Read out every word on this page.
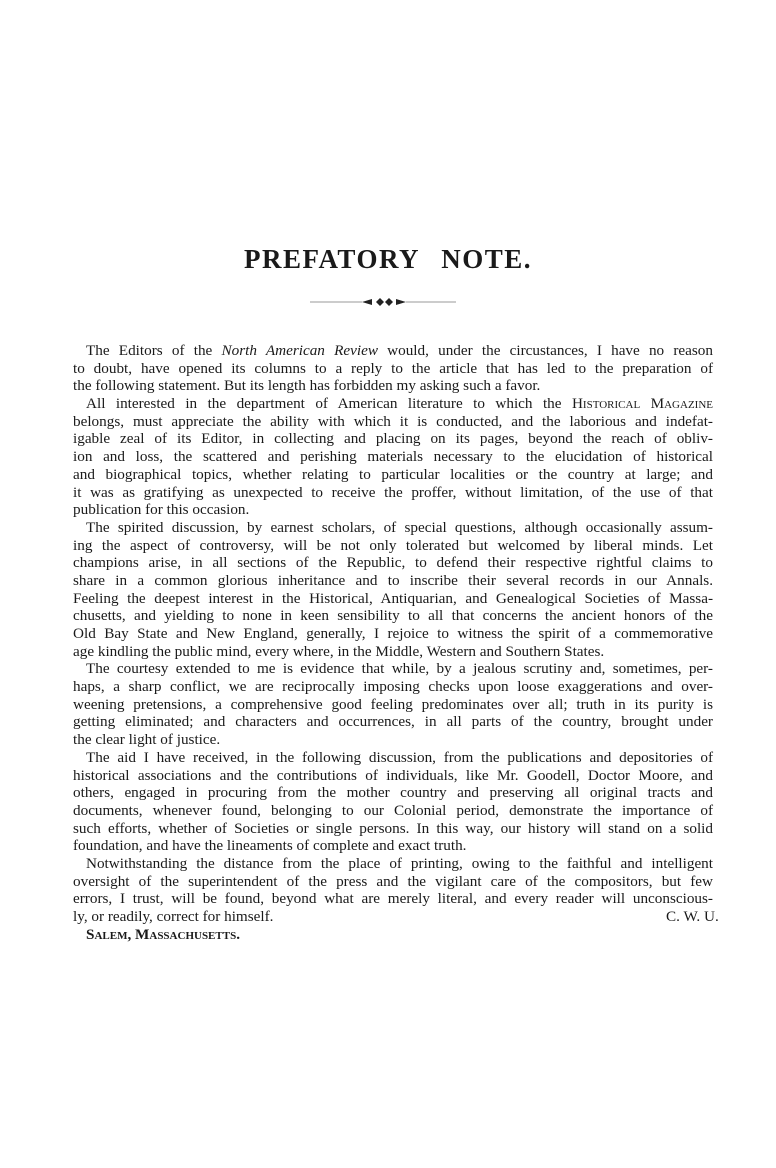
PREFATORY NOTE.
The Editors of the North American Review would, under the circustances, I have no reason
to doubt, have opened its columns to a reply to the article that has led to the preparation of
the following statement. But its length has forbidden my asking such a favor.
All interested in the department of American literature to which the Historical Magazine
belongs, must appreciate the ability with which it is conducted, and the laborious and indefat-
igable zeal of its Editor, in collecting and placing on its pages, beyond the reach of obliv-
ion and loss, the scattered and perishing materials necessary to the elucidation of historical
and biographical topics, whether relating to particular localities or the country at large; and
it was as gratifying as unexpected to receive the proffer, without limitation, of the use of that
publication for this occasion.
The spirited discussion, by earnest scholars, of special questions, although occasionally assum-
ing the aspect of controversy, will be not only tolerated but welcomed by liberal minds. Let
champions arise, in all sections of the Republic, to defend their respective rightful claims to
share in a common glorious inheritance and to inscribe their several records in our Annals.
Feeling the deepest interest in the Historical, Antiquarian, and Genealogical Societies of Massa-
chusetts, and yielding to none in keen sensibility to all that concerns the ancient honors of the
Old Bay State and New England, generally, I rejoice to witness the spirit of a commemorative
age kindling the public mind, every where, in the Middle, Western and Southern States.
The courtesy extended to me is evidence that while, by a jealous scrutiny and, sometimes, per-
haps, a sharp conflict, we are reciprocally imposing checks upon loose exaggerations and over-
weening pretensions, a comprehensive good feeling predominates over all; truth in its purity is
getting eliminated; and characters and occurrences, in all parts of the country, brought under
the clear light of justice.
The aid I have received, in the following discussion, from the publications and depositories of
historical associations and the contributions of individuals, like Mr. Goodell, Doctor Moore, and
others, engaged in procuring from the mother country and preserving all original tracts and
documents, whenever found, belonging to our Colonial period, demonstrate the importance of
such efforts, whether of Societies or single persons. In this way, our history will stand on a solid
foundation, and have the lineaments of complete and exact truth.
Notwithstanding the distance from the place of printing, owing to the faithful and intelligent
oversight of the superintendent of the press and the vigilant care of the compositors, but few
errors, I trust, will be found, beyond what are merely literal, and every reader will unconscious-
ly, or readily, correct for himself.	C. W. U.
Salem, Massachusetts.
